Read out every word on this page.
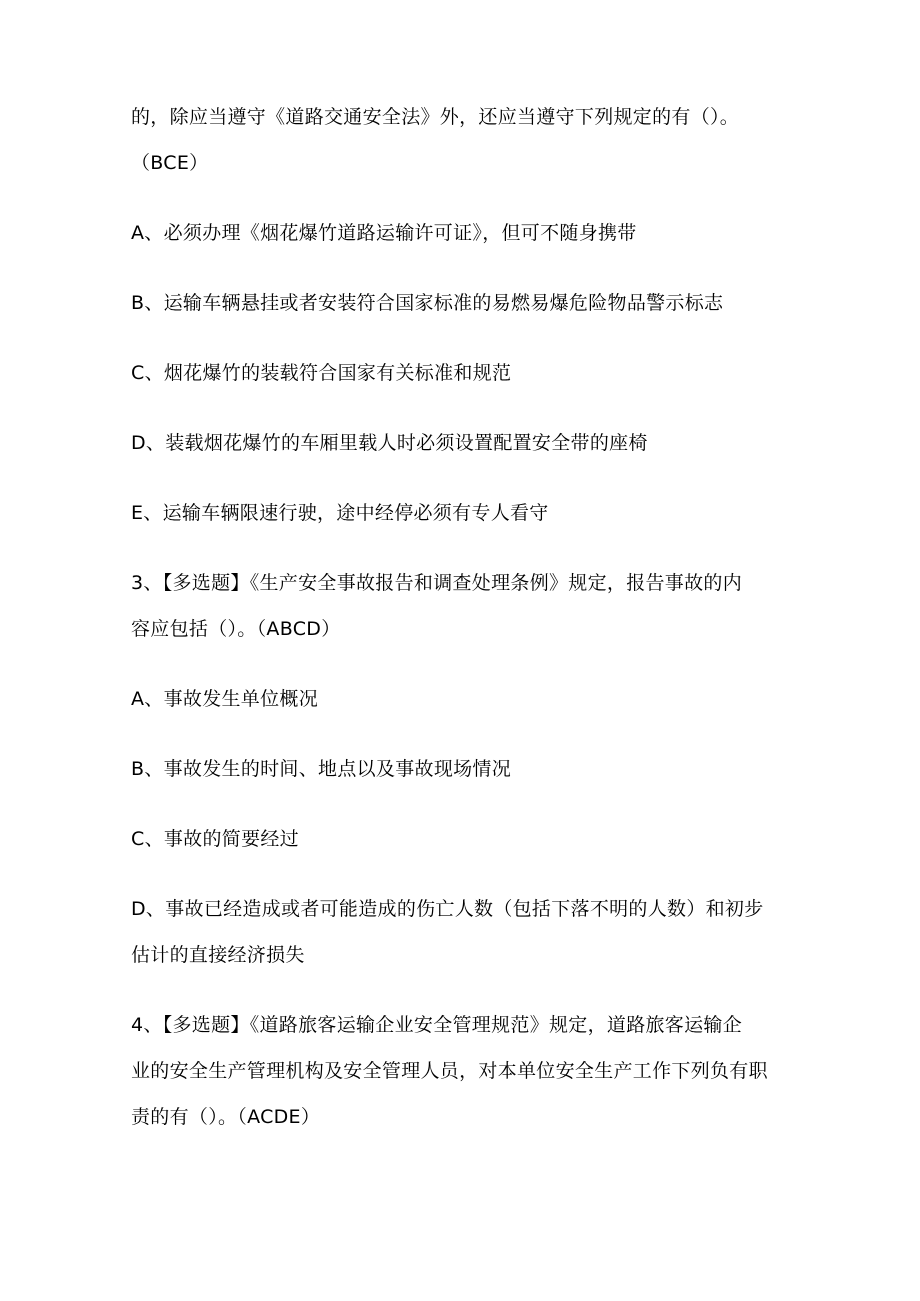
的，除应当遵守《道路交通安全法》外，还应当遵守下列规定的有（）。
（BCE）
A、必须办理《烟花爆竹道路运输许可证》，但可不随身携带
B、运输车辆悬挂或者安装符合国家标准的易燃易爆危险物品警示标志
C、烟花爆竹的装载符合国家有关标准和规范
D、装载烟花爆竹的车厢里载人时必须设置配置安全带的座椅
E、运输车辆限速行驶，途中经停必须有专人看守
3、【多选题】《生产安全事故报告和调查处理条例》规定，报告事故的内
容应包括（）。（ABCD）
A、事故发生单位概况
B、事故发生的时间、地点以及事故现场情况
C、事故的简要经过
D、事故已经造成或者可能造成的伤亡人数（包括下落不明的人数）和初步
估计的直接经济损失
4、【多选题】《道路旅客运输企业安全管理规范》规定，道路旅客运输企
业的安全生产管理机构及安全管理人员，对本单位安全生产工作下列负有职
责的有（）。（ACDE）
